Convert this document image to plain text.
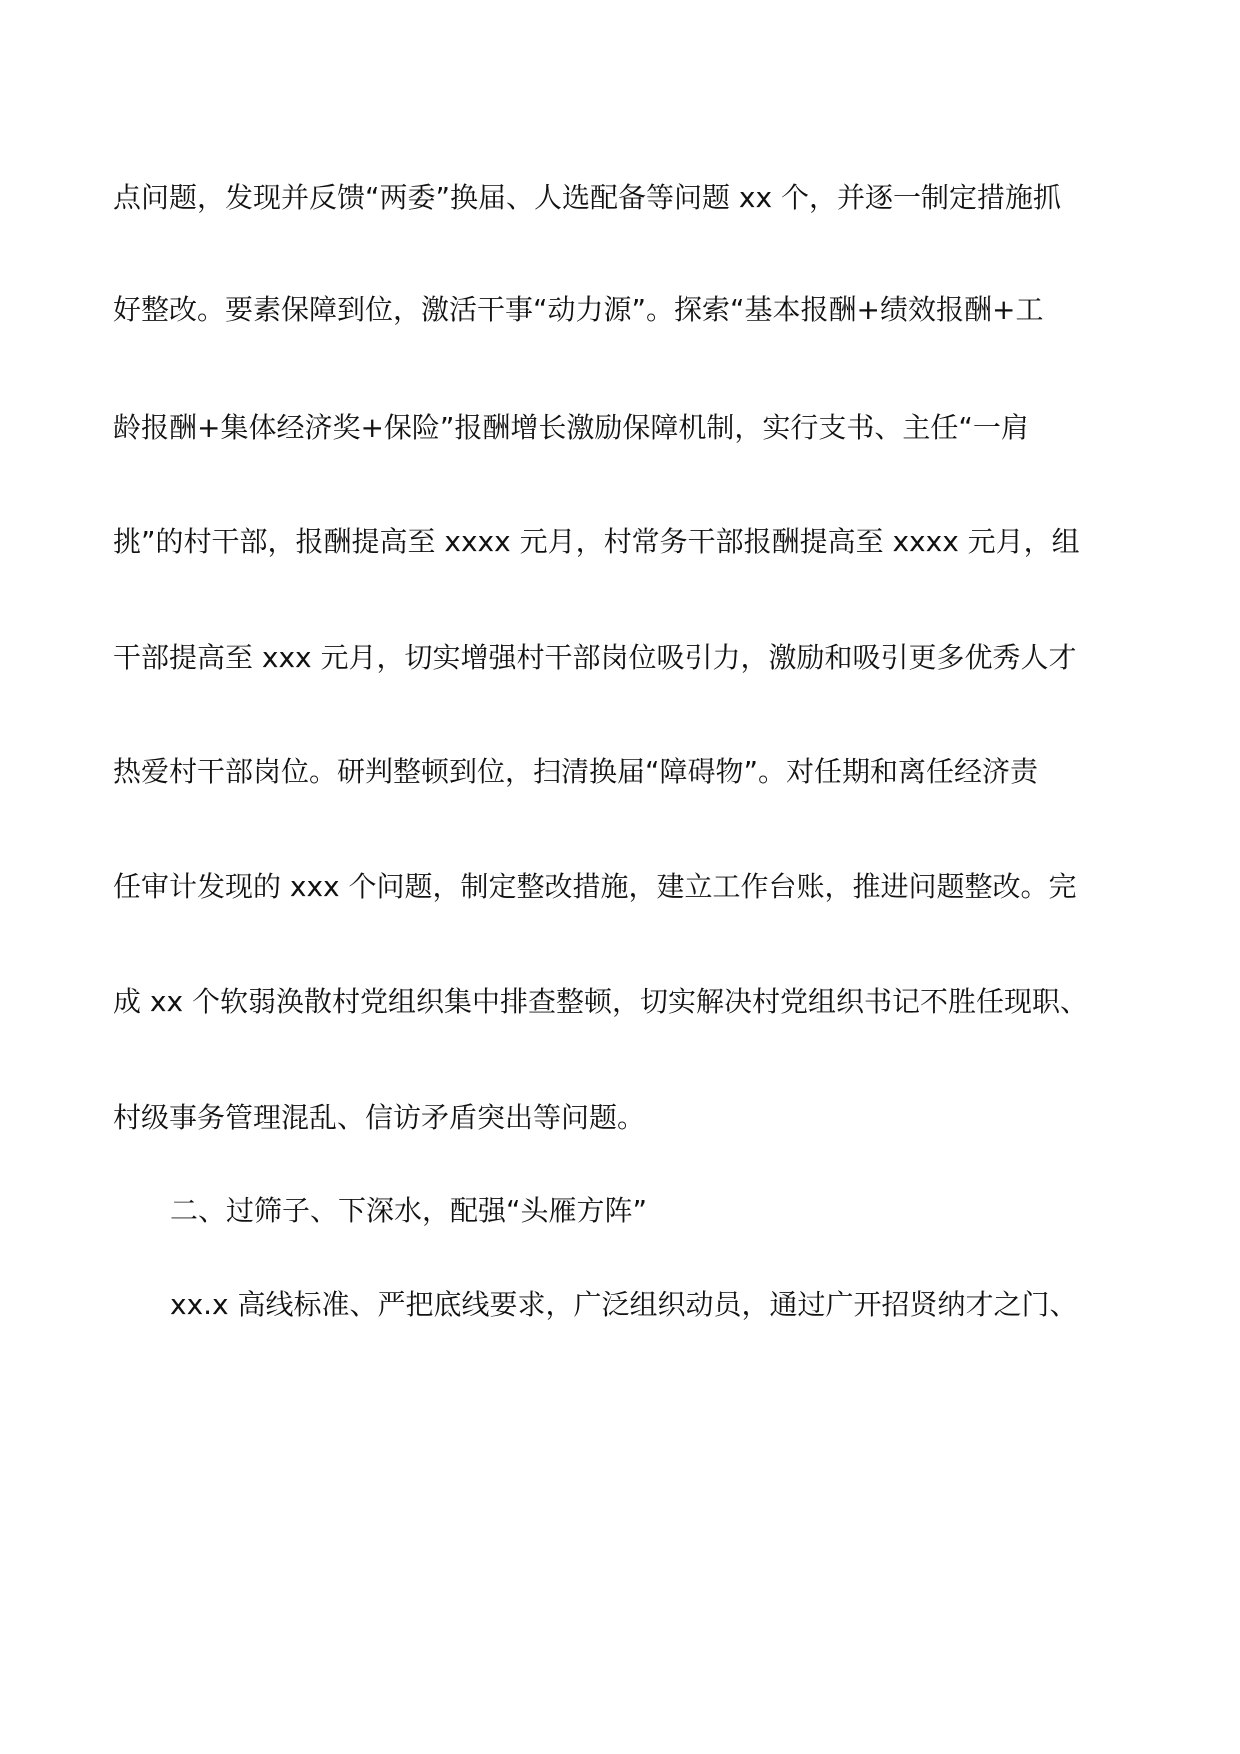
点问题，发现并反馈“两委”换届、人选配备等问题 xx 个，并逐一制定措施抓
好整改。要素保障到位，激活干事“动力源”。探索“基本报酬+绩效报酬+工
龄报酬+集体经济奖+保险”报酬增长激励保障机制，实行支书、主任“一肩
挑”的村干部，报酬提高至 xxxx 元月，村常务干部报酬提高至 xxxx 元月，组
干部提高至 xxx 元月，切实增强村干部岗位吸引力，激励和吸引更多优秀人才
热爱村干部岗位。研判整顿到位，扫清换届“障碍物”。对任期和离任经济责
任审计发现的 xxx 个问题，制定整改措施，建立工作台账，推进问题整改。完
成 xx 个软弱涣散村党组织集中排查整顿，切实解决村党组织书记不胜任现职、
村级事务管理混乱、信访矛盾突出等问题。
二、过筛子、下深水，配强“头雁方阵”
xx.x 高线标准、严把底线要求，广泛组织动员，通过广开招贤纳才之门、
